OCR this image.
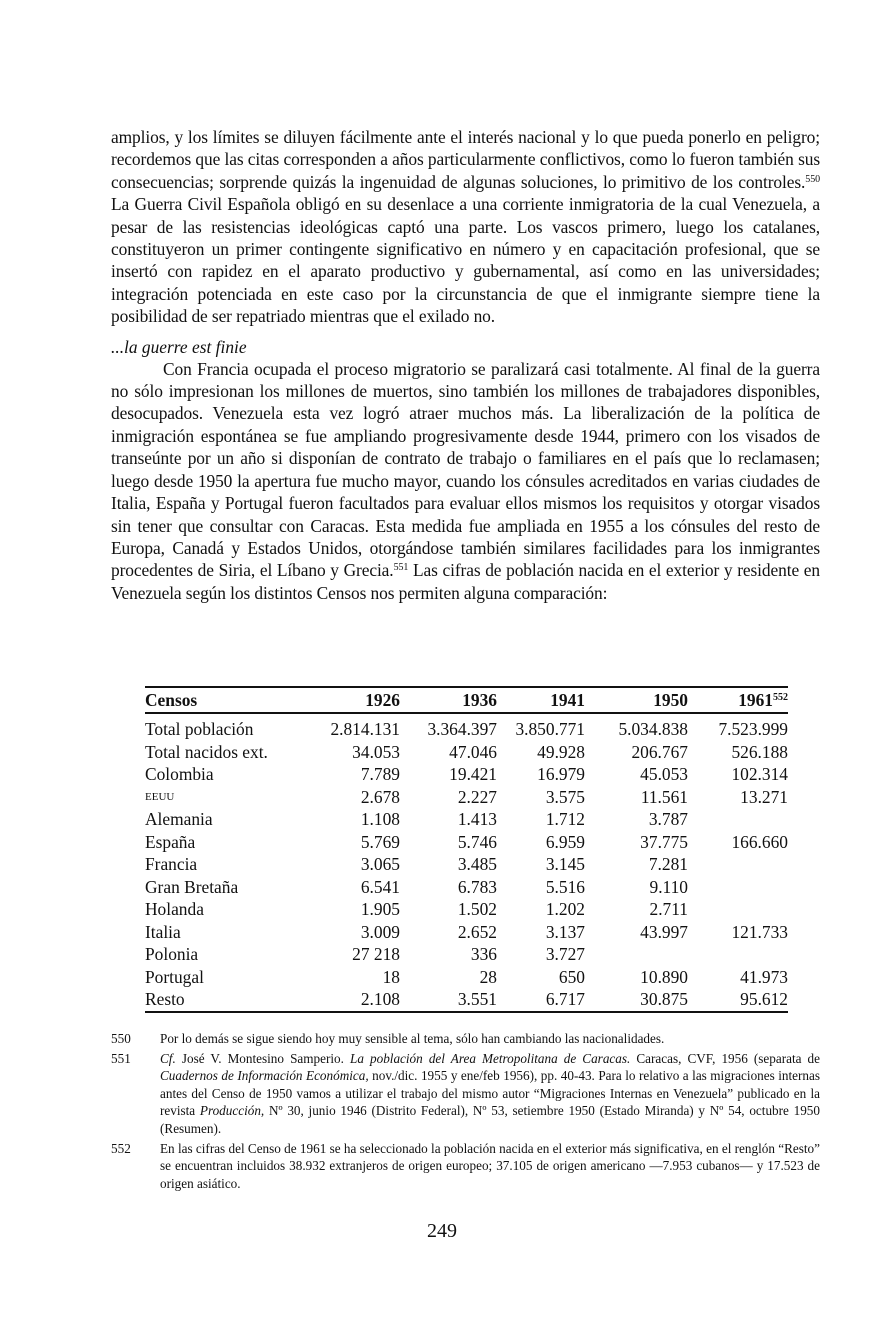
amplios, y los límites se diluyen fácilmente ante el interés nacional y lo que pueda ponerlo en peligro; recordemos que las citas corresponden a años particularmente conflictivos, como lo fueron también sus consecuencias; sorprende quizás la ingenuidad de algunas soluciones, lo primitivo de los controles.$^{550}$ La Guerra Civil Española obligó en su desenlace a una corriente inmigratoria de la cual Venezuela, a pesar de las resistencias ideológicas captó una parte. Los vascos primero, luego los catalanes, constituyeron un primer contingente significativo en número y en capacitación profesional, que se insertó con rapidez en el aparato productivo y gubernamental, así como en las universidades; integración potenciada en este caso por la circunstancia de que el inmigrante siempre tiene la posibilidad de ser repatriado mientras que el exilado no.

...la guerre est finie

Con Francia ocupada el proceso migratorio se paralizará casi totalmente. Al final de la guerra no sólo impresionan los millones de muertos, sino también los millones de trabajadores disponibles, desocupados. Venezuela esta vez logró atraer muchos más. La liberalización de la política de inmigración espontánea se fue ampliando progresivamente desde 1944, primero con los visados de transeúnte por un año si disponían de contrato de trabajo o familiares en el país que lo reclamasen; luego desde 1950 la apertura fue mucho mayor, cuando los cónsules acreditados en varias ciudades de Italia, España y Portugal fueron facultados para evaluar ellos mismos los requisitos y otorgar visados sin tener que consultar con Caracas. Esta medida fue ampliada en 1955 a los cónsules del resto de Europa, Canadá y Estados Unidos, otorgándose también similares facilidades para los inmigrantes procedentes de Siria, el Líbano y Grecia.$^{551}$ Las cifras de población nacida en el exterior y residente en Venezuela según los distintos Censos nos permiten alguna comparación:

Censos	1926	1936	1941	1950	1961$^{552}$
Total población	2.814.131	3.364.397	3.850.771	5.034.838	7.523.999
Total nacidos ext.	34.053	47.046	49.928	206.767	526.188
Colombia	7.789	19.421	16.979	45.053	102.314
EEUU	2.678	2.227	3.575	11.561	13.271
Alemania	1.108	1.413	1.712	3.787	
España	5.769	5.746	6.959	37.775	166.660
Francia	3.065	3.485	3.145	7.281	
Gran Bretaña	6.541	6.783	5.516	9.110	
Holanda	1.905	1.502	1.202	2.711	
Italia	3.009	2.652	3.137	43.997	121.733
Polonia	27 218	336	3.727		
Portugal	18	28	650	10.890	41.973
Resto	2.108	3.551	6.717	30.875	95.612
550	Por lo demás se sigue siendo hoy muy sensible al tema, sólo han cambiando las nacionalidades.
551	Cf. José V. Montesino Samperio. La población del Area Metropolitana de Caracas. Caracas, CVF, 1956 (separata de Cuadernos de Información Económica, nov./dic. 1955 y ene/feb 1956), pp. 40-43. Para lo relativo a las migraciones internas antes del Censo de 1950 vamos a utilizar el trabajo del mismo autor “Migraciones Internas en Venezuela” publicado en la revista Producción, Nº 30, junio 1946 (Distrito Federal), Nº 53, setiembre 1950 (Estado Miranda) y Nº 54, octubre 1950 (Resumen).
552	En las cifras del Censo de 1961 se ha seleccionado la población nacida en el exterior más significativa, en el renglón “Resto” se encuentran incluidos 38.932 extranjeros de origen europeo; 37.105 de origen americano —7.953 cubanos— y 17.523 de origen asiático.
249
